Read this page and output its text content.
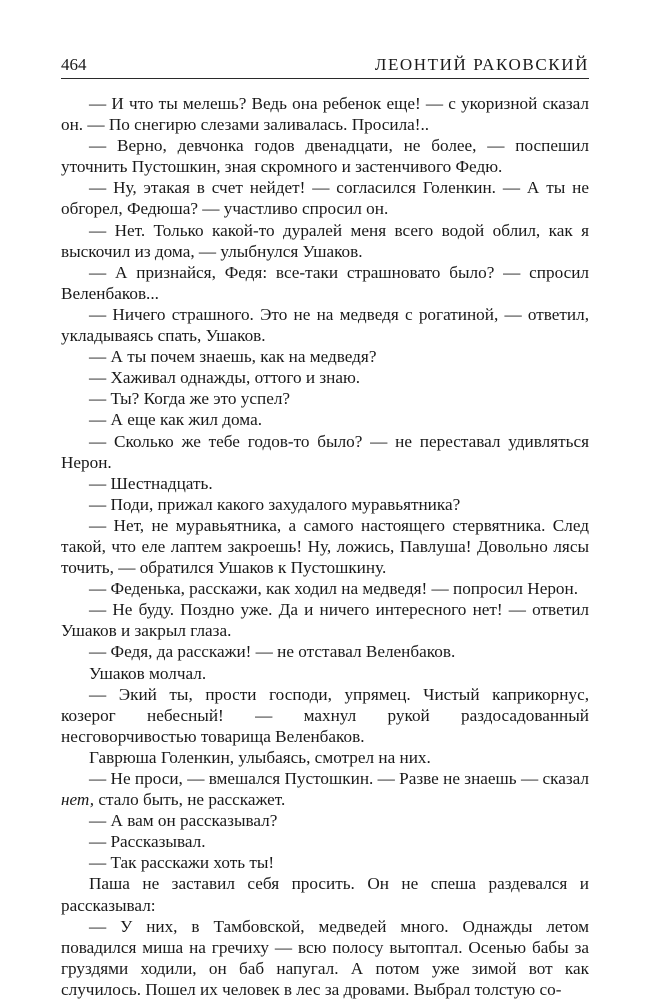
464	ЛЕОНТИЙ РАКОВСКИЙ

— И что ты мелешь? Ведь она ребенок еще! — с укоризной сказал он. — По снегирю слезами заливалась. Просила!..

— Верно, девчонка годов двенадцати, не более, — поспешил уточнить Пустошкин, зная скромного и застенчивого Федю.

— Ну, этакая в счет нейдет! — согласился Голенкин. — А ты не обгорел, Федюша? — участливо спросил он.

— Нет. Только какой-то дуралей меня всего водой облил, как я выскочил из дома, — улыбнулся Ушаков.

— А признайся, Федя: все-таки страшновато было? — спросил Веленбаков...

— Ничего страшного. Это не на медведя с рогатиной, — ответил, укладываясь спать, Ушаков.

— А ты почем знаешь, как на медведя?

— Хаживал однажды, оттого и знаю.

— Ты? Когда же это успел?

— А еще как жил дома.

— Сколько же тебе годов-то было? — не переставал удивляться Нерон.

— Шестнадцать.

— Поди, прижал какого захудалого муравьятника?

— Нет, не муравьятника, а самого настоящего стервятника. След такой, что еле лаптем закроешь! Ну, ложись, Павлуша! Довольно лясы точить, — обратился Ушаков к Пустошкину.

— Феденька, расскажи, как ходил на медведя! — попросил Нерон.

— Не буду. Поздно уже. Да и ничего интересного нет! — ответил Ушаков и закрыл глаза.

— Федя, да расскажи! — не отставал Веленбаков.

Ушаков молчал.

— Экий ты, прости господи, упрямец. Чистый каприкорнус, козерог небесный! — махнул рукой раздосадованный несговорчивостью товарища Веленбаков.

Гаврюша Голенкин, улыбаясь, смотрел на них.

— Не проси, — вмешался Пустошкин. — Разве не знаешь — сказал нет, стало быть, не расскажет.

— А вам он рассказывал?

— Рассказывал.

— Так расскажи хоть ты!

Паша не заставил себя просить. Он не спеша раздевался и рассказывал:

— У них, в Тамбовской, медведей много. Однажды летом повадился миша на гречиху — всю полосу вытоптал. Осенью бабы за груздями ходили, он баб напугал. А потом уже зимой вот как случилось. Пошел их человек в лес за дровами. Выбрал толстую со-
